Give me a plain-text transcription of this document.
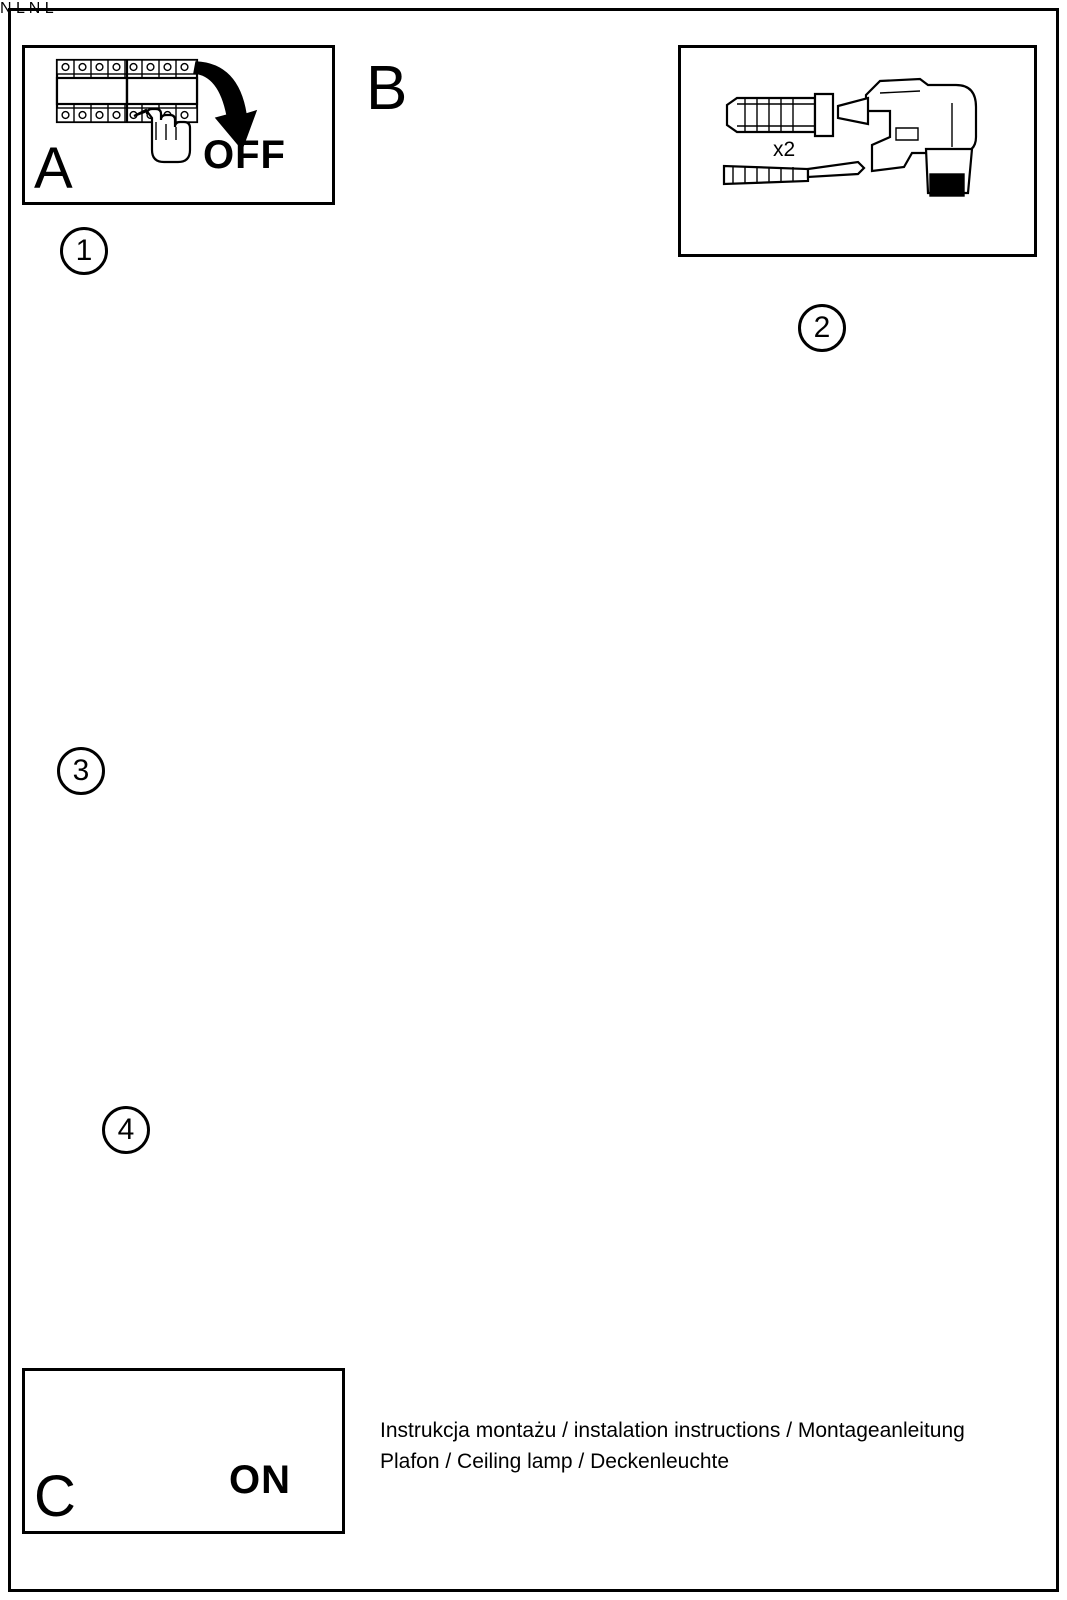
A	OFF
N L N L
B
x2
C	ON
1
2
3
4
Instrukcja montażu / instalation instructions / Montageanleitung
Plafon / Ceiling lamp / Deckenleuchte
